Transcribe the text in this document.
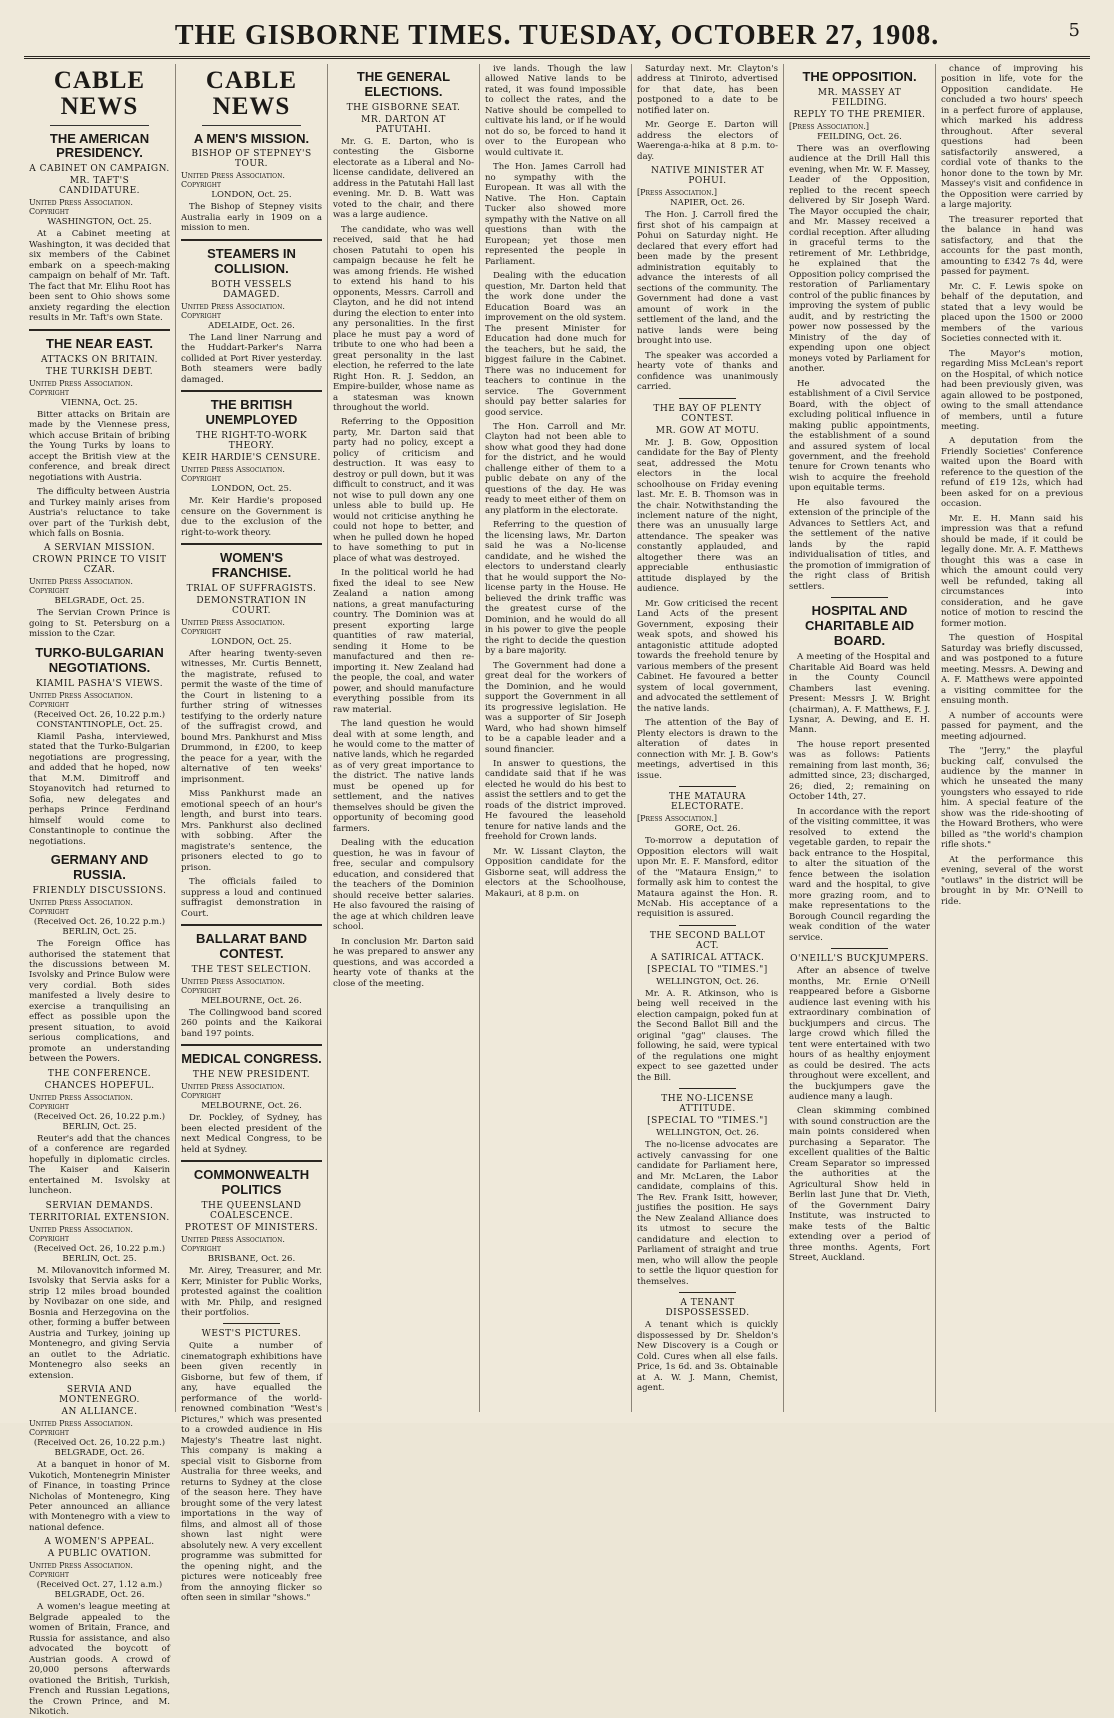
THE GISBORNE TIMES. TUESDAY, OCTOBER 27, 1908.	5
CABLE NEWS
THE AMERICAN PRESIDENCY.
A CABINET ON CAMPAIGN.
MR. TAFT'S CANDIDATURE.
United Press Association. Copyright
WASHINGTON, Oct. 25.

At a Cabinet meeting at Washington, it was decided that six members of the Cabinet embark on a speech-making campaign on behalf of Mr. Taft. The fact that Mr. Elihu Root has been sent to Ohio shows some anxiety regarding the election results in Mr. Taft's own State.

THE NEAR EAST.
ATTACKS ON BRITAIN.
THE TURKISH DEBT.
United Press Association. Copyright
VIENNA, Oct. 25.

Bitter attacks on Britain are made by the Viennese press, which accuse Britain of bribing the Young Turks by loans to accept the British view at the conference, and break direct negotiations with Austria.

The difficulty between Austria and Turkey mainly arises from Austria's reluctance to take over part of the Turkish debt, which falls on Bosnia.

A SERVIAN MISSION.
CROWN PRINCE TO VISIT CZAR.
United Press Association. Copyright
BELGRADE, Oct. 25.

The Servian Crown Prince is going to St. Petersburg on a mission to the Czar.

TURKO-BULGARIAN NEGOTIATIONS.
KIAMIL PASHA'S VIEWS.
United Press Association. Copyright
(Received Oct. 26, 10.22 p.m.) CONSTANTINOPLE, Oct. 25.

Kiamil Pasha, interviewed, stated that the Turko-Bulgarian negotiations are progressing, and added that he hoped, now that M.M. Dimitroff and Stoyanovitch had returned to Sofia, new delegates and perhaps Prince Ferdinand himself would come to Constantinople to continue the negotiations.

GERMANY AND RUSSIA.
FRIENDLY DISCUSSIONS.
United Press Association. Copyright
(Received Oct. 26, 10.22 p.m.) BERLIN, Oct. 25.

The Foreign Office has authorised the statement that the discussions between M. Isvolsky and Prince Bulow were very cordial. Both sides manifested a lively desire to exercise a tranquilising an effect as possible upon the present situation, to avoid serious complications, and promote an understanding between the Powers.

THE CONFERENCE.
CHANCES HOPEFUL.
United Press Association. Copyright
(Received Oct. 26, 10.22 p.m.) BERLIN, Oct. 25.

Reuter's add that the chances of a conference are regarded hopefully in diplomatic circles. The Kaiser and Kaiserin entertained M. Isvolsky at luncheon.

SERVIAN DEMANDS.
TERRITORIAL EXTENSION.
United Press Association. Copyright
(Received Oct. 26, 10.22 p.m.) BERLIN, Oct. 25.

M. Milovanovitch informed M. Isvolsky that Servia asks for a strip 12 miles broad bounded by Novibazar on one side, and Bosnia and Herzegovina on the other, forming a buffer between Austria and Turkey, joining up Montenegro, and giving Servia an outlet to the Adriatic. Montenegro also seeks an extension.

SERVIA AND MONTENEGRO.
AN ALLIANCE.
United Press Association. Copyright
(Received Oct. 26, 10.22 p.m.) BELGRADE, Oct. 26.

At a banquet in honor of M. Vukotich, Montenegrin Minister of Finance, in toasting Prince Nicholas of Montenegro, King Peter announced an alliance with Montenegro with a view to national defence.

A WOMEN'S APPEAL.
A PUBLIC OVATION.
United Press Association. Copyright
(Received Oct. 27, 1.12 a.m.) BELGRADE, Oct. 26.

A women's league meeting at Belgrade appealed to the women of Britain, France, and Russia for assistance, and also advocated the boycott of Austrian goods. A crowd of 20,000 persons afterwards ovationed the British, Turkish, French and Russian Legations, the Crown Prince, and M. Nikotich.

CABLE NEWS
A MEN'S MISSION.
BISHOP OF STEPNEY'S TOUR.
United Press Association. Copyright
LONDON, Oct. 25.

The Bishop of Stepney visits Australia early in 1909 on a mission to men.

STEAMERS IN COLLISION.
BOTH VESSELS DAMAGED.
United Press Association. Copyright
ADELAIDE, Oct. 26.

The Land liner Narrung and the Huddart-Parker's Narra collided at Port River yesterday. Both steamers were badly damaged.

THE BRITISH UNEMPLOYED
THE RIGHT-TO-WORK THEORY.
KEIR HARDIE'S CENSURE.
United Press Association. Copyright
LONDON, Oct. 25.

Mr. Keir Hardie's proposed censure on the Government is due to the exclusion of the right-to-work theory.

WOMEN'S FRANCHISE.
TRIAL OF SUFFRAGISTS.
DEMONSTRATION IN COURT.
United Press Association. Copyright
LONDON, Oct. 25.

After hearing twenty-seven witnesses, Mr. Curtis Bennett, the magistrate, refused to permit the waste of the time of the Court in listening to a further string of witnesses testifying to the orderly nature of the suffragist crowd, and bound Mrs. Pankhurst and Miss Drummond, in £200, to keep the peace for a year, with the alternative of ten weeks' imprisonment.

Miss Pankhurst made an emotional speech of an hour's length, and burst into tears. Mrs. Pankhurst also declined with sobbing. After the magistrate's sentence, the prisoners elected to go to prison.

The officials failed to suppress a loud and continued suffragist demonstration in Court.

BALLARAT BAND CONTEST.
THE TEST SELECTION.
United Press Association. Copyright
MELBOURNE, Oct. 26.

The Collingwood band scored 260 points and the Kaikorai band 197 points.

MEDICAL CONGRESS.
THE NEW PRESIDENT.
United Press Association. Copyright
MELBOURNE, Oct. 26.

Dr. Pockley, of Sydney, has been elected president of the next Medical Congress, to be held at Sydney.

COMMONWEALTH POLITICS
THE QUEENSLAND COALESCENCE.
PROTEST OF MINISTERS.
United Press Association. Copyright
BRISBANE, Oct. 26.

Mr. Airey, Treasurer, and Mr. Kerr, Minister for Public Works, protested against the coalition with Mr. Philp, and resigned their portfolios.

WEST'S PICTURES.

Quite a number of cinematograph exhibitions have been given recently in Gisborne, but few of them, if any, have equalled the performance of the world-renowned combination "West's Pictures," which was presented to a crowded audience in His Majesty's Theatre last night. This company is making a special visit to Gisborne from Australia for three weeks, and returns to Sydney at the close of the season here. They have brought some of the very latest importations in the way of films, and almost all of those shown last night were absolutely new. A very excellent programme was submitted for the opening night, and the pictures were noticeably free from the annoying flicker so often seen in similar "shows."

THE GENERAL ELECTIONS.
THE GISBORNE SEAT.
MR. DARTON AT PATUTAHI.

Mr. G. E. Darton, who is contesting the Gisborne electorate as a Liberal and No-license candidate, delivered an address in the Patutahi Hall last evening. Mr. D. B. Watt was voted to the chair, and there was a large audience.

The candidate, who was well received, said that he had chosen Patutahi to open his campaign because he felt he was among friends. He wished to extend his hand to his opponents, Messrs. Carroll and Clayton, and he did not intend during the election to enter into any personalities. In the first place he must pay a word of tribute to one who had been a great personality in the last election, he referred to the late Right Hon. R. J. Seddon, an Empire-builder, whose name as a statesman was known throughout the world.

Referring to the Opposition party, Mr. Darton said that party had no policy, except a policy of criticism and destruction. It was easy to destroy or pull down, but it was difficult to construct, and it was not wise to pull down any one unless able to build up. He would not criticise anything he could not hope to better, and when he pulled down he hoped to have something to put in place of what was destroyed.

In the political world he had fixed the ideal to see New Zealand a nation among nations, a great manufacturing country. The Dominion was at present exporting large quantities of raw material, sending it Home to be manufactured and then re-importing it. New Zealand had the people, the coal, and water power, and should manufacture everything possible from its raw material.

The land question he would deal with at some length, and he would come to the matter of native lands, which he regarded as of very great importance to the district. The native lands must be opened up for settlement, and the natives themselves should be given the opportunity of becoming good farmers.

Dealing with the education question, he was in favour of free, secular and compulsory education, and considered that the teachers of the Dominion should receive better salaries. He also favoured the raising of the age at which children leave school.

In conclusion Mr. Darton said he was prepared to answer any questions, and was accorded a hearty vote of thanks at the close of the meeting.

ive lands. Though the law allowed Native lands to be rated, it was found impossible to collect the rates, and the Native should be compelled to cultivate his land, or if he would not do so, be forced to hand it over to the European who would cultivate it.

The Hon. James Carroll had no sympathy with the European. It was all with the Native. The Hon. Captain Tucker also showed more sympathy with the Native on all questions than with the European; yet those men represented the people in Parliament.

Dealing with the education question, Mr. Darton held that the work done under the Education Board was an improvement on the old system. The present Minister for Education had done much for the teachers, but he said, the biggest failure in the Cabinet. There was no inducement for teachers to continue in the service. The Government should pay better salaries for good service.

The Hon. Carroll and Mr. Clayton had not been able to show what good they had done for the district, and he would challenge either of them to a public debate on any of the questions of the day. He was ready to meet either of them on any platform in the electorate.

Referring to the question of the licensing laws, Mr. Darton said he was a No-license candidate, and he wished the electors to understand clearly that he would support the No-license party in the House. He believed the drink traffic was the greatest curse of the Dominion, and he would do all in his power to give the people the right to decide the question by a bare majority.

The Government had done a great deal for the workers of the Dominion, and he would support the Government in all its progressive legislation. He was a supporter of Sir Joseph Ward, who had shown himself to be a capable leader and a sound financier.

In answer to questions, the candidate said that if he was elected he would do his best to assist the settlers and to get the roads of the district improved. He favoured the leasehold tenure for native lands and the freehold for Crown lands.

Mr. W. Lissant Clayton, the Opposition candidate for the Gisborne seat, will address the electors at the Schoolhouse, Makauri, at 8 p.m. on

Saturday next. Mr. Clayton's address at Tiniroto, advertised for that date, has been postponed to a date to be notified later on.

Mr. George E. Darton will address the electors of Waerenga-a-hika at 8 p.m. to-day.

NATIVE MINISTER AT POHUI.
[Press Association.]
NAPIER, Oct. 26.

The Hon. J. Carroll fired the first shot of his campaign at Pohui on Saturday night. He declared that every effort had been made by the present administration equitably to advance the interests of all sections of the community. The Government had done a vast amount of work in the settlement of the land, and the native lands were being brought into use.

The speaker was accorded a hearty vote of thanks and confidence was unanimously carried.

THE BAY OF PLENTY CONTEST.
MR. GOW AT MOTU.

Mr. J. B. Gow, Opposition candidate for the Bay of Plenty seat, addressed the Motu electors in the local schoolhouse on Friday evening last. Mr. E. B. Thomson was in the chair. Notwithstanding the inclement nature of the night, there was an unusually large attendance. The speaker was constantly applauded, and altogether there was an appreciable enthusiastic attitude displayed by the audience.

Mr. Gow criticised the recent Land Acts of the present Government, exposing their weak spots, and showed his antagonistic attitude adopted towards the freehold tenure by various members of the present Cabinet. He favoured a better system of local government, and advocated the settlement of the native lands.

The attention of the Bay of Plenty electors is drawn to the alteration of dates in connection with Mr. J. B. Gow's meetings, advertised in this issue.

THE MATAURA ELECTORATE.
[Press Association.]
GORE, Oct. 26.

To-morrow a deputation of Opposition electors will wait upon Mr. E. F. Mansford, editor of the "Mataura Ensign," to formally ask him to contest the Mataura against the Hon. R. McNab. His acceptance of a requisition is assured.

THE SECOND BALLOT ACT.
A SATIRICAL ATTACK.
[SPECIAL TO "TIMES."]
WELLINGTON, Oct. 26.

Mr. A. R. Atkinson, who is being well received in the election campaign, poked fun at the Second Ballot Bill and the original "gag" clauses. The following, he said, were typical of the regulations one might expect to see gazetted under the Bill.

THE NO-LICENSE ATTITUDE.
[SPECIAL TO "TIMES."]
WELLINGTON, Oct. 26.

The no-license advocates are actively canvassing for one candidate for Parliament here, and Mr. McLaren, the Labor candidate, complains of this. The Rev. Frank Isitt, however, justifies the position. He says the New Zealand Alliance does its utmost to secure the candidature and election to Parliament of straight and true men, who will allow the people to settle the liquor question for themselves.

A TENANT DISPOSSESSED.

A tenant which is quickly dispossessed by Dr. Sheldon's New Discovery is a Cough or Cold. Cures when all else fails. Price, 1s 6d. and 3s. Obtainable at A. W. J. Mann, Chemist, agent.

THE OPPOSITION.
MR. MASSEY AT FEILDING.
REPLY TO THE PREMIER.
[Press Association.]
FEILDING, Oct. 26.

There was an overflowing audience at the Drill Hall this evening, when Mr. W. F. Massey, Leader of the Opposition, replied to the recent speech delivered by Sir Joseph Ward. The Mayor occupied the chair, and Mr. Massey received a cordial reception. After alluding in graceful terms to the retirement of Mr. Lethbridge, he explained that the Opposition policy comprised the restoration of Parliamentary control of the public finances by improving the system of public audit, and by restricting the power now possessed by the Ministry of the day of expending upon one object moneys voted by Parliament for another.

He advocated the establishment of a Civil Service Board, with the object of excluding political influence in making public appointments, the establishment of a sound and assured system of local government, and the freehold tenure for Crown tenants who wish to acquire the freehold upon equitable terms.

He also favoured the extension of the principle of the Advances to Settlers Act, and the settlement of the native lands by the rapid individualisation of titles, and the promotion of immigration of the right class of British settlers.

HOSPITAL AND CHARITABLE AID BOARD.

A meeting of the Hospital and Charitable Aid Board was held in the County Council Chambers last evening. Present: Messrs J. W. Bright (chairman), A. F. Matthews, F. J. Lysnar, A. Dewing, and E. H. Mann.

The house report presented was as follows: Patients remaining from last month, 36; admitted since, 23; discharged, 26; died, 2; remaining on October 14th, 27.

In accordance with the report of the visiting committee, it was resolved to extend the vegetable garden, to repair the back entrance to the Hospital, to alter the situation of the fence between the isolation ward and the hospital, to give more grazing room, and to make representations to the Borough Council regarding the weak condition of the water service.

O'NEILL'S BUCKJUMPERS.

After an absence of twelve months, Mr. Ernie O'Neill reappeared before a Gisborne audience last evening with his extraordinary combination of buckjumpers and circus. The large crowd which filled the tent were entertained with two hours of as healthy enjoyment as could be desired. The acts throughout were excellent, and the buckjumpers gave the audience many a laugh.

Clean skimming combined with sound construction are the main points considered when purchasing a Separator. The excellent qualities of the Baltic Cream Separator so impressed the authorities at the Agricultural Show held in Berlin last June that Dr. Vieth, of the Government Dairy Institute, was instructed to make tests of the Baltic extending over a period of three months. Agents, Fort Street, Auckland.

chance of improving his position in life, vote for the Opposition candidate. He concluded a two hours' speech in a perfect furore of applause, which marked his address throughout. After several questions had been satisfactorily answered, a cordial vote of thanks to the honor done to the town by Mr. Massey's visit and confidence in the Opposition were carried by a large majority.

The treasurer reported that the balance in hand was satisfactory, and that the accounts for the past month, amounting to £342 7s 4d, were passed for payment.

Mr. C. F. Lewis spoke on behalf of the deputation, and stated that a levy would be placed upon the 1500 or 2000 members of the various Societies connected with it.

The Mayor's motion, regarding Miss McLean's report on the Hospital, of which notice had been previously given, was again allowed to be postponed, owing to the small attendance of members, until a future meeting.

A deputation from the Friendly Societies' Conference waited upon the Board with reference to the question of the refund of £19 12s, which had been asked for on a previous occasion.

Mr. E. H. Mann said his impression was that a refund should be made, if it could be legally done. Mr. A. F. Matthews thought this was a case in which the amount could very well be refunded, taking all circumstances into consideration, and he gave notice of motion to rescind the former motion.

The question of Hospital Saturday was briefly discussed, and was postponed to a future meeting. Messrs. A. Dewing and A. F. Matthews were appointed a visiting committee for the ensuing month.

A number of accounts were passed for payment, and the meeting adjourned.

The "Jerry," the playful bucking calf, convulsed the audience by the manner in which he unseated the many youngsters who essayed to ride him. A special feature of the show was the ride-shooting of the Howard Brothers, who were billed as "the world's champion rifle shots."

At the performance this evening, several of the worst "outlaws" in the district will be brought in by Mr. O'Neill to ride.
